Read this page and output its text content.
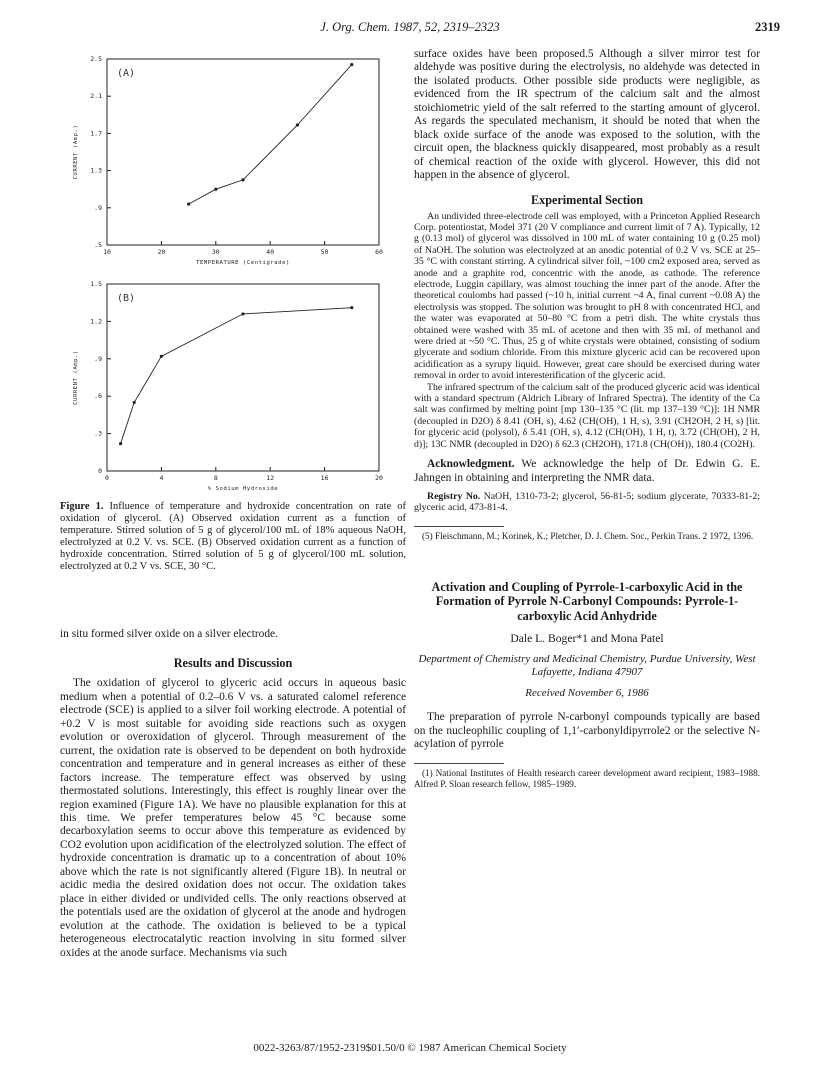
J. Org. Chem. 1987, 52, 2319–2323	2319
10	20	30	40	50	60
.5
.9
1.3
1.7
2.1
2.5
TEMPERATURE (Centigrade)
CURRENT (Amp.)
(A)
0	4	8	12	16	20
0
.3
.6
.9
1.2
1.5
% Sodium Hydroxide
CURRENT (Amp.)
(B)
Figure 1. Influence of temperature and hydroxide concentration on rate of oxidation of glycerol. (A) Observed oxidation current as a function of temperature. Stirred solution of 5 g of glycerol/100 mL of 18% aqueous NaOH, electrolyzed at 0.2 V. vs. SCE. (B) Observed oxidation current as a function of hydroxide concentration. Stirred solution of 5 g of glycerol/100 mL solution, electrolyzed at 0.2 V vs. SCE, 30 °C.

in situ formed silver oxide on a silver electrode.

Results and Discussion

The oxidation of glycerol to glyceric acid occurs in aqueous basic medium when a potential of 0.2–0.6 V vs. a saturated calomel reference electrode (SCE) is applied to a silver foil working electrode. A potential of +0.2 V is most suitable for avoiding side reactions such as oxygen evolution or overoxidation of glycerol. Through measurement of the current, the oxidation rate is observed to be dependent on both hydroxide concentration and temperature and in general increases as either of these factors increase. The temperature effect was observed by using thermostated solutions. Interestingly, this effect is roughly linear over the region examined (Figure 1A). We have no plausible explanation for this at this time. We prefer temperatures below 45 °C because some decarboxylation seems to occur above this temperature as evidenced by CO2 evolution upon acidification of the electrolyzed solution. The effect of hydroxide concentration is dramatic up to a concentration of about 10% above which the rate is not significantly altered (Figure 1B). In neutral or acidic media the desired oxidation does not occur. The oxidation takes place in either divided or undivided cells. The only reactions observed at the potentials used are the oxidation of glycerol at the anode and hydrogen evolution at the cathode. The oxidation is believed to be a typical heterogeneous electrocatalytic reaction involving in situ formed silver oxides at the anode surface. Mechanisms via such

surface oxides have been proposed.5 Although a silver mirror test for aldehyde was positive during the electrolysis, no aldehyde was detected in the isolated products. Other possible side products were negligible, as evidenced from the IR spectrum of the calcium salt and the almost stoichiometric yield of the salt referred to the starting amount of glycerol. As regards the speculated mechanism, it should be noted that when the black oxide surface of the anode was exposed to the solution, with the circuit open, the blackness quickly disappeared, most probably as a result of chemical reaction of the oxide with glycerol. However, this did not happen in the absence of glycerol.

Experimental Section

An undivided three-electrode cell was employed, with a Princeton Applied Research Corp. potentiostat, Model 371 (20 V compliance and current limit of 7 A). Typically, 12 g (0.13 mol) of glycerol was dissolved in 100 mL of water containing 10 g (0.25 mol) of NaOH. The solution was electrolyzed at an anodic potential of 0.2 V vs. SCE at 25–35 °C with constant stirring. A cylindrical silver foil, ~100 cm2 exposed area, served as anode and a graphite rod, concentric with the anode, as cathode. The reference electrode, Luggin capillary, was almost touching the inner part of the anode. After the theoretical coulombs had passed (~10 h, initial current ~4 A, final current ~0.08 A) the electrolysis was stopped. The solution was brought to pH 8 with concentrated HCl, and the water was evaporated at 50–80 °C from a petri dish. The white crystals thus obtained were washed with 35 mL of acetone and then with 35 mL of methanol and were dried at ~50 °C. Thus, 25 g of white crystals were obtained, consisting of sodium glycerate and sodium chloride. From this mixture glyceric acid can be recovered upon acidification as a syrupy liquid. However, great care should be exercised during water removal in order to avoid interesterification of the glyceric acid.

The infrared spectrum of the calcium salt of the produced glyceric acid was identical with a standard spectrum (Aldrich Library of Infrared Spectra). The identity of the Ca salt was confirmed by melting point [mp 130–135 °C (lit. mp 137–139 °C)]: 1H NMR (decoupled in D2O) δ 8.41 (OH, s), 4.62 (CH(OH), 1 H, s), 3.91 (CH2OH, 2 H, s) [lit. for glyceric acid (polysol), δ 5.41 (OH, s), 4.12 (CH(OH), 1 H, t), 3.72 (CH(OH), 2 H, d)]; 13C NMR (decoupled in D2O) δ 62.3 (CH2OH), 171.8 (CH(OH)), 180.4 (CO2H).

Acknowledgment. We acknowledge the help of Dr. Edwin G. E. Jahngen in obtaining and interpreting the NMR data.

Registry No. NaOH, 1310-73-2; glycerol, 56-81-5; sodium glycerate, 70333-81-2; glyceric acid, 473-81-4.

(5) Fleischmann, M.; Korinek, K.; Pletcher, D. J. Chem. Soc., Perkin Trans. 2 1972, 1396.

Activation and Coupling of Pyrrole-1-carboxylic Acid in the Formation of Pyrrole N-Carbonyl Compounds: Pyrrole-1-carboxylic Acid Anhydride
Dale L. Boger*1 and Mona Patel
Department of Chemistry and Medicinal Chemistry, Purdue University, West Lafayette, Indiana 47907
Received November 6, 1986

The preparation of pyrrole N-carbonyl compounds typically are based on the nucleophilic coupling of 1,1′-carbonyldipyrrole2 or the selective N-acylation of pyrrole

(1) National Institutes of Health research career development award recipient, 1983–1988. Alfred P. Sloan research fellow, 1985–1989.

0022-3263/87/1952-2319$01.50/0 © 1987 American Chemical Society
